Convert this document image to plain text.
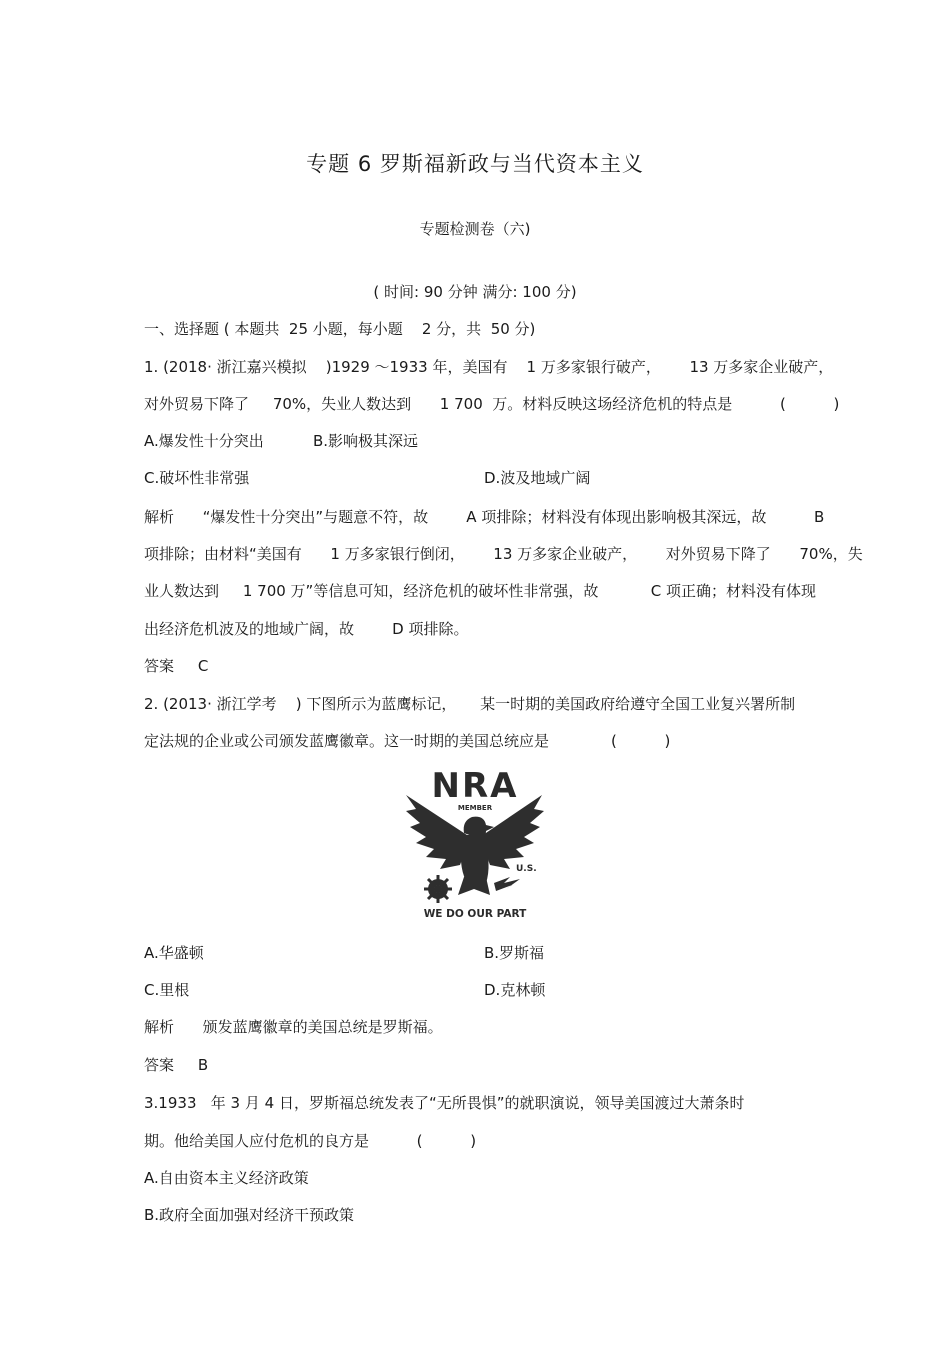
专题 6 罗斯福新政与当代资本主义
专题检测卷（六)
( 时间: 90 分钟 满分: 100 分)
一、选择题 ( 本题共  25 小题，每小题    2 分，共  50 分)
1. (2018· 浙江嘉兴模拟    )1929 ～1933 年，美国有    1 万多家银行破产，      13 万多家企业破产，
对外贸易下降了     70%，失业人数达到      1 700  万。材料反映这场经济危机的特点是          (          )
A.爆发性十分突出	B.影响极其深远
C.破坏性非常强	D.波及地域广阔
解析      “爆发性十分突出”与题意不符，故        A 项排除；材料没有体现出影响极其深远，故          B
项排除；由材料“美国有      1 万多家银行倒闭，      13 万多家企业破产，      对外贸易下降了      70%，失
业人数达到     1 700 万”等信息可知，经济危机的破坏性非常强，故           C 项正确；材料没有体现
出经济危机波及的地域广阔，故        D 项排除。
答案     C
2. (2013· 浙江学考    ) 下图所示为蓝鹰标记，     某一时期的美国政府给遵守全国工业复兴署所制
定法规的企业或公司颁发蓝鹰徽章。这一时期的美国总统应是             (          )
NRA
MEMBER
U.S.
WE DO OUR PART
A.华盛顿	B.罗斯福
C.里根	D.克林顿
解析      颁发蓝鹰徽章的美国总统是罗斯福。
答案     B
3.1933   年 3 月 4 日，罗斯福总统发表了“无所畏惧”的就职演说，领导美国渡过大萧条时
期。他给美国人应付危机的良方是          (          )
A.自由资本主义经济政策
B.政府全面加强对经济干预政策
